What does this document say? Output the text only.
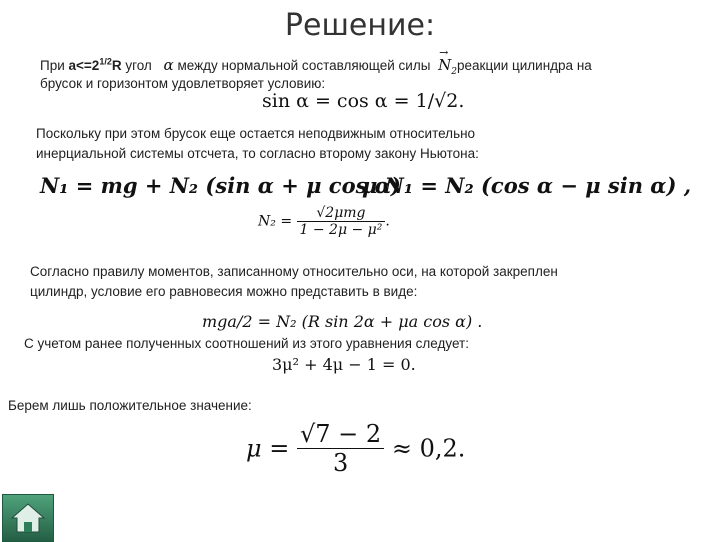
Решение:
При $a<=2^{1/2}R$ угол α между нормальной составляющей силы
→
$N_2реакции$ цилиндра на
брусок и горизонтом удовлетворяет условию:
sin α = cos α = 1/√2.
Поскольку при этом брусок еще остается неподвижным относительно
инерциальной системы отсчета, то согласно второму закону Ньютона:
N₁ = mg + N₂ (sin α + μ cos α)
μ N₁ = N₂ (cos α − μ sin α) ,
$N_2 = \frac{\text{√2μmg}}{\text{1 − 2μ − μ²}}$ .
Согласно правилу моментов, записанному относительно оси, на которой закреплен
цилиндр, условие его равновесия можно представить в виде:
mga/2 = N₂ (R sin 2α + μa cos α) .
С учетом ранее полученных соотношений из этого уравнения следует:
3μ² + 4μ − 1 = 0.
Берем лишь положительное значение:
$\mu = \frac{√7 - 2}{3} \approx 0,2$.
